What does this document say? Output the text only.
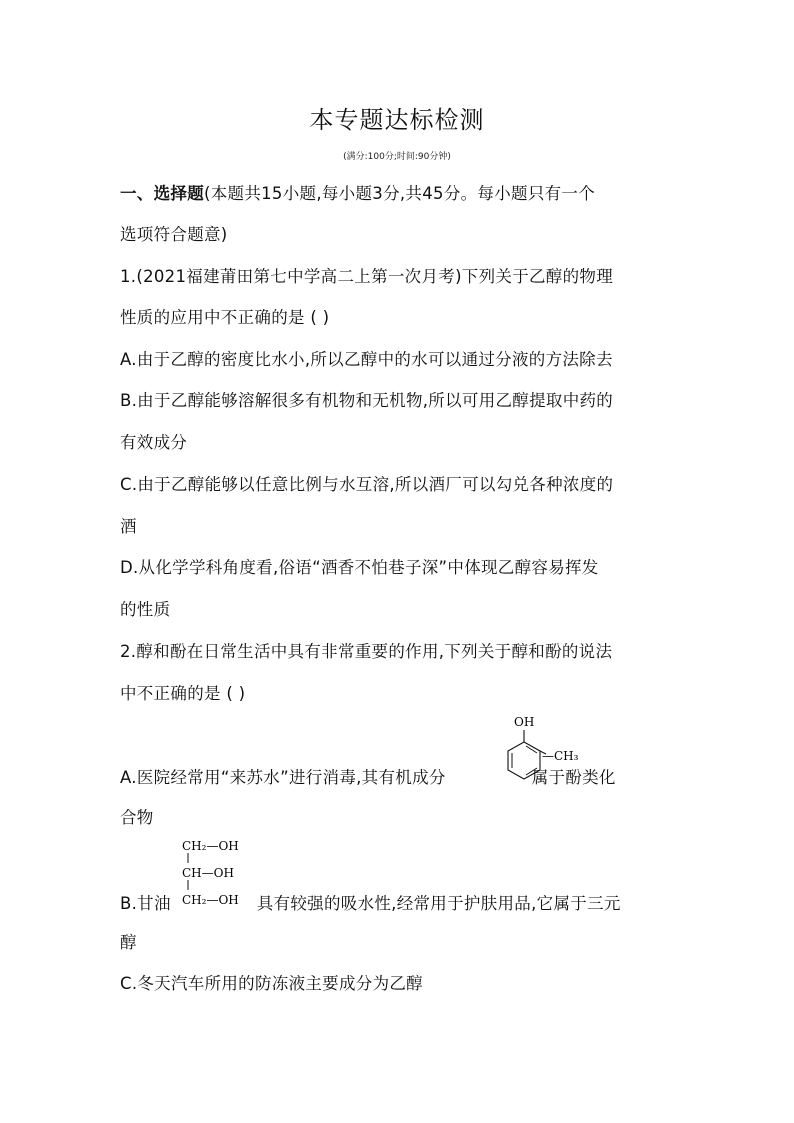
本专题达标检测
(满分:100分;时间:90分钟)
一、选择题(本题共15小题,每小题3分,共45分。每小题只有一个
选项符合题意)
1.(2021福建莆田第七中学高二上第一次月考)下列关于乙醇的物理
性质的应用中不正确的是 ( )
A.由于乙醇的密度比水小,所以乙醇中的水可以通过分液的方法除去
B.由于乙醇能够溶解很多有机物和无机物,所以可用乙醇提取中药的
有效成分
C.由于乙醇能够以任意比例与水互溶,所以酒厂可以勾兑各种浓度的
酒
D.从化学学科角度看,俗语“酒香不怕巷子深”中体现乙醇容易挥发
的性质
2.醇和酚在日常生活中具有非常重要的作用,下列关于醇和酚的说法
中不正确的是 ( )
OH
—CH₃
A.医院经常用“来苏水”进行消毒,其有机成分	属于酚类化
合物
CH₂—OH
CH—OH
CH₂—OH
B.甘油	具有较强的吸水性,经常用于护肤用品,它属于三元
醇
C.冬天汽车所用的防冻液主要成分为乙醇
